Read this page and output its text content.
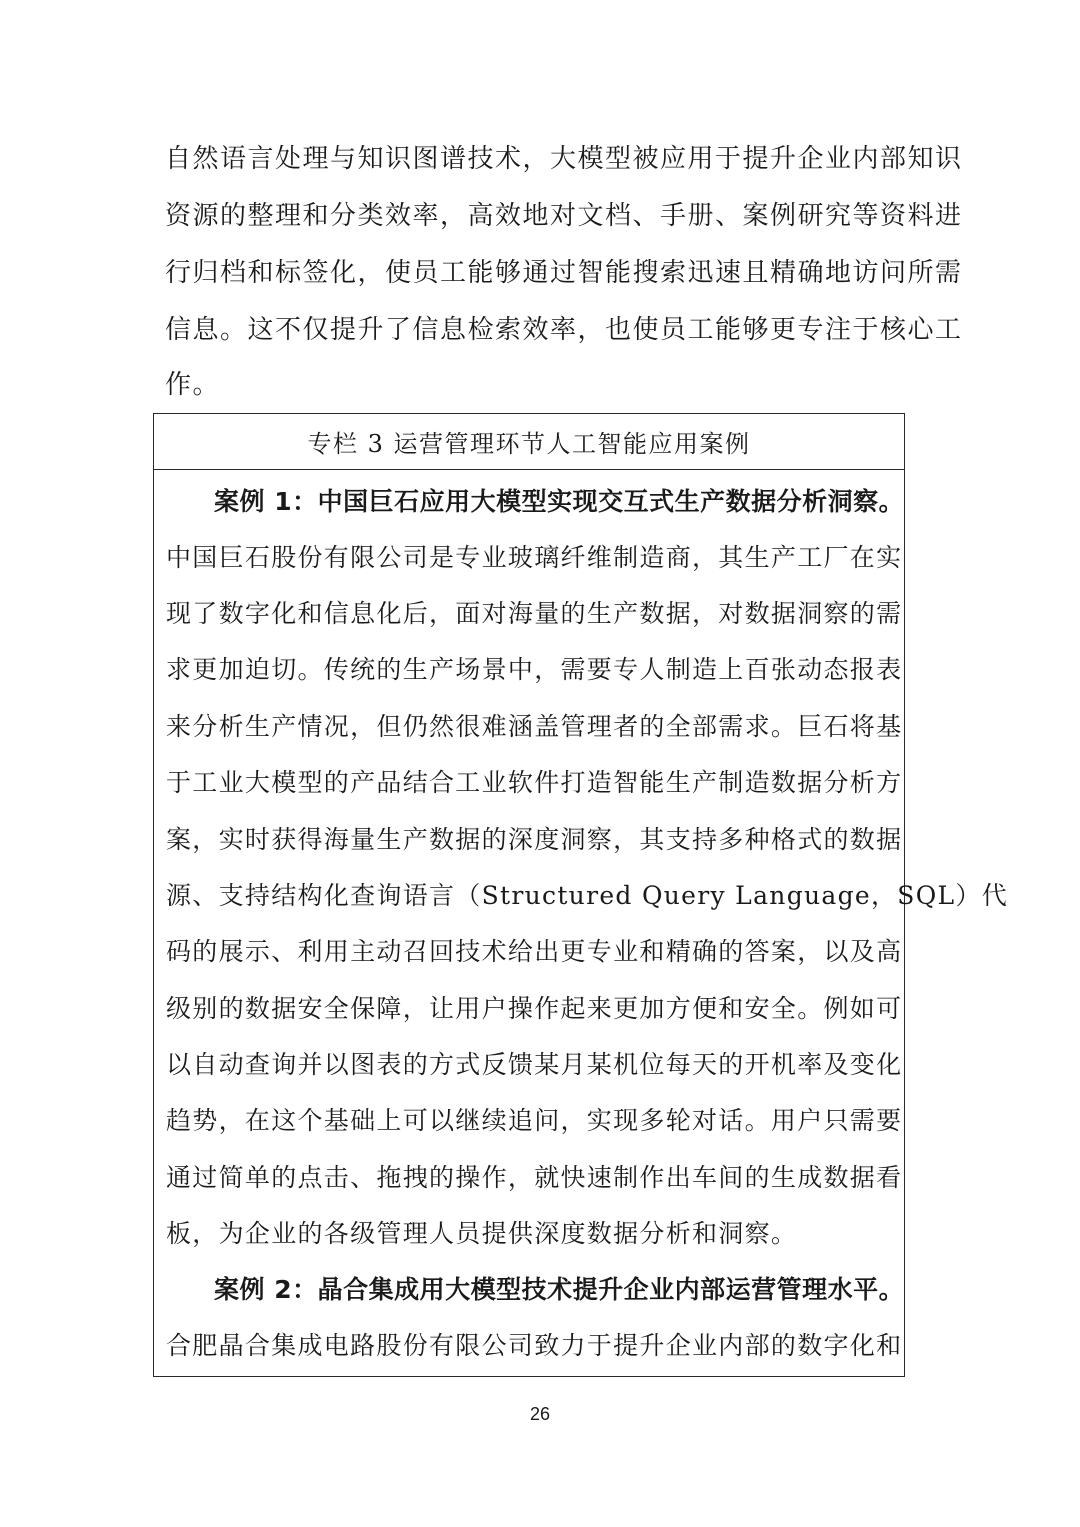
自然语言处理与知识图谱技术，大模型被应用于提升企业内部知识
资源的整理和分类效率，高效地对文档、手册、案例研究等资料进
行归档和标签化，使员工能够通过智能搜索迅速且精确地访问所需
信息。这不仅提升了信息检索效率，也使员工能够更专注于核心工
作。
专栏 3 运营管理环节人工智能应用案例
案例 1：中国巨石应用大模型实现交互式生产数据分析洞察。
中国巨石股份有限公司是专业玻璃纤维制造商，其生产工厂在实
现了数字化和信息化后，面对海量的生产数据，对数据洞察的需
求更加迫切。传统的生产场景中，需要专人制造上百张动态报表
来分析生产情况，但仍然很难涵盖管理者的全部需求。巨石将基
于工业大模型的产品结合工业软件打造智能生产制造数据分析方
案，实时获得海量生产数据的深度洞察，其支持多种格式的数据
源、支持结构化查询语言（Structured Query Language，SQL）代
码的展示、利用主动召回技术给出更专业和精确的答案，以及高
级别的数据安全保障，让用户操作起来更加方便和安全。例如可
以自动查询并以图表的方式反馈某月某机位每天的开机率及变化
趋势，在这个基础上可以继续追问，实现多轮对话。用户只需要
通过简单的点击、拖拽的操作，就快速制作出车间的生成数据看
板，为企业的各级管理人员提供深度数据分析和洞察。
案例 2：晶合集成用大模型技术提升企业内部运营管理水平。
合肥晶合集成电路股份有限公司致力于提升企业内部的数字化和
26
